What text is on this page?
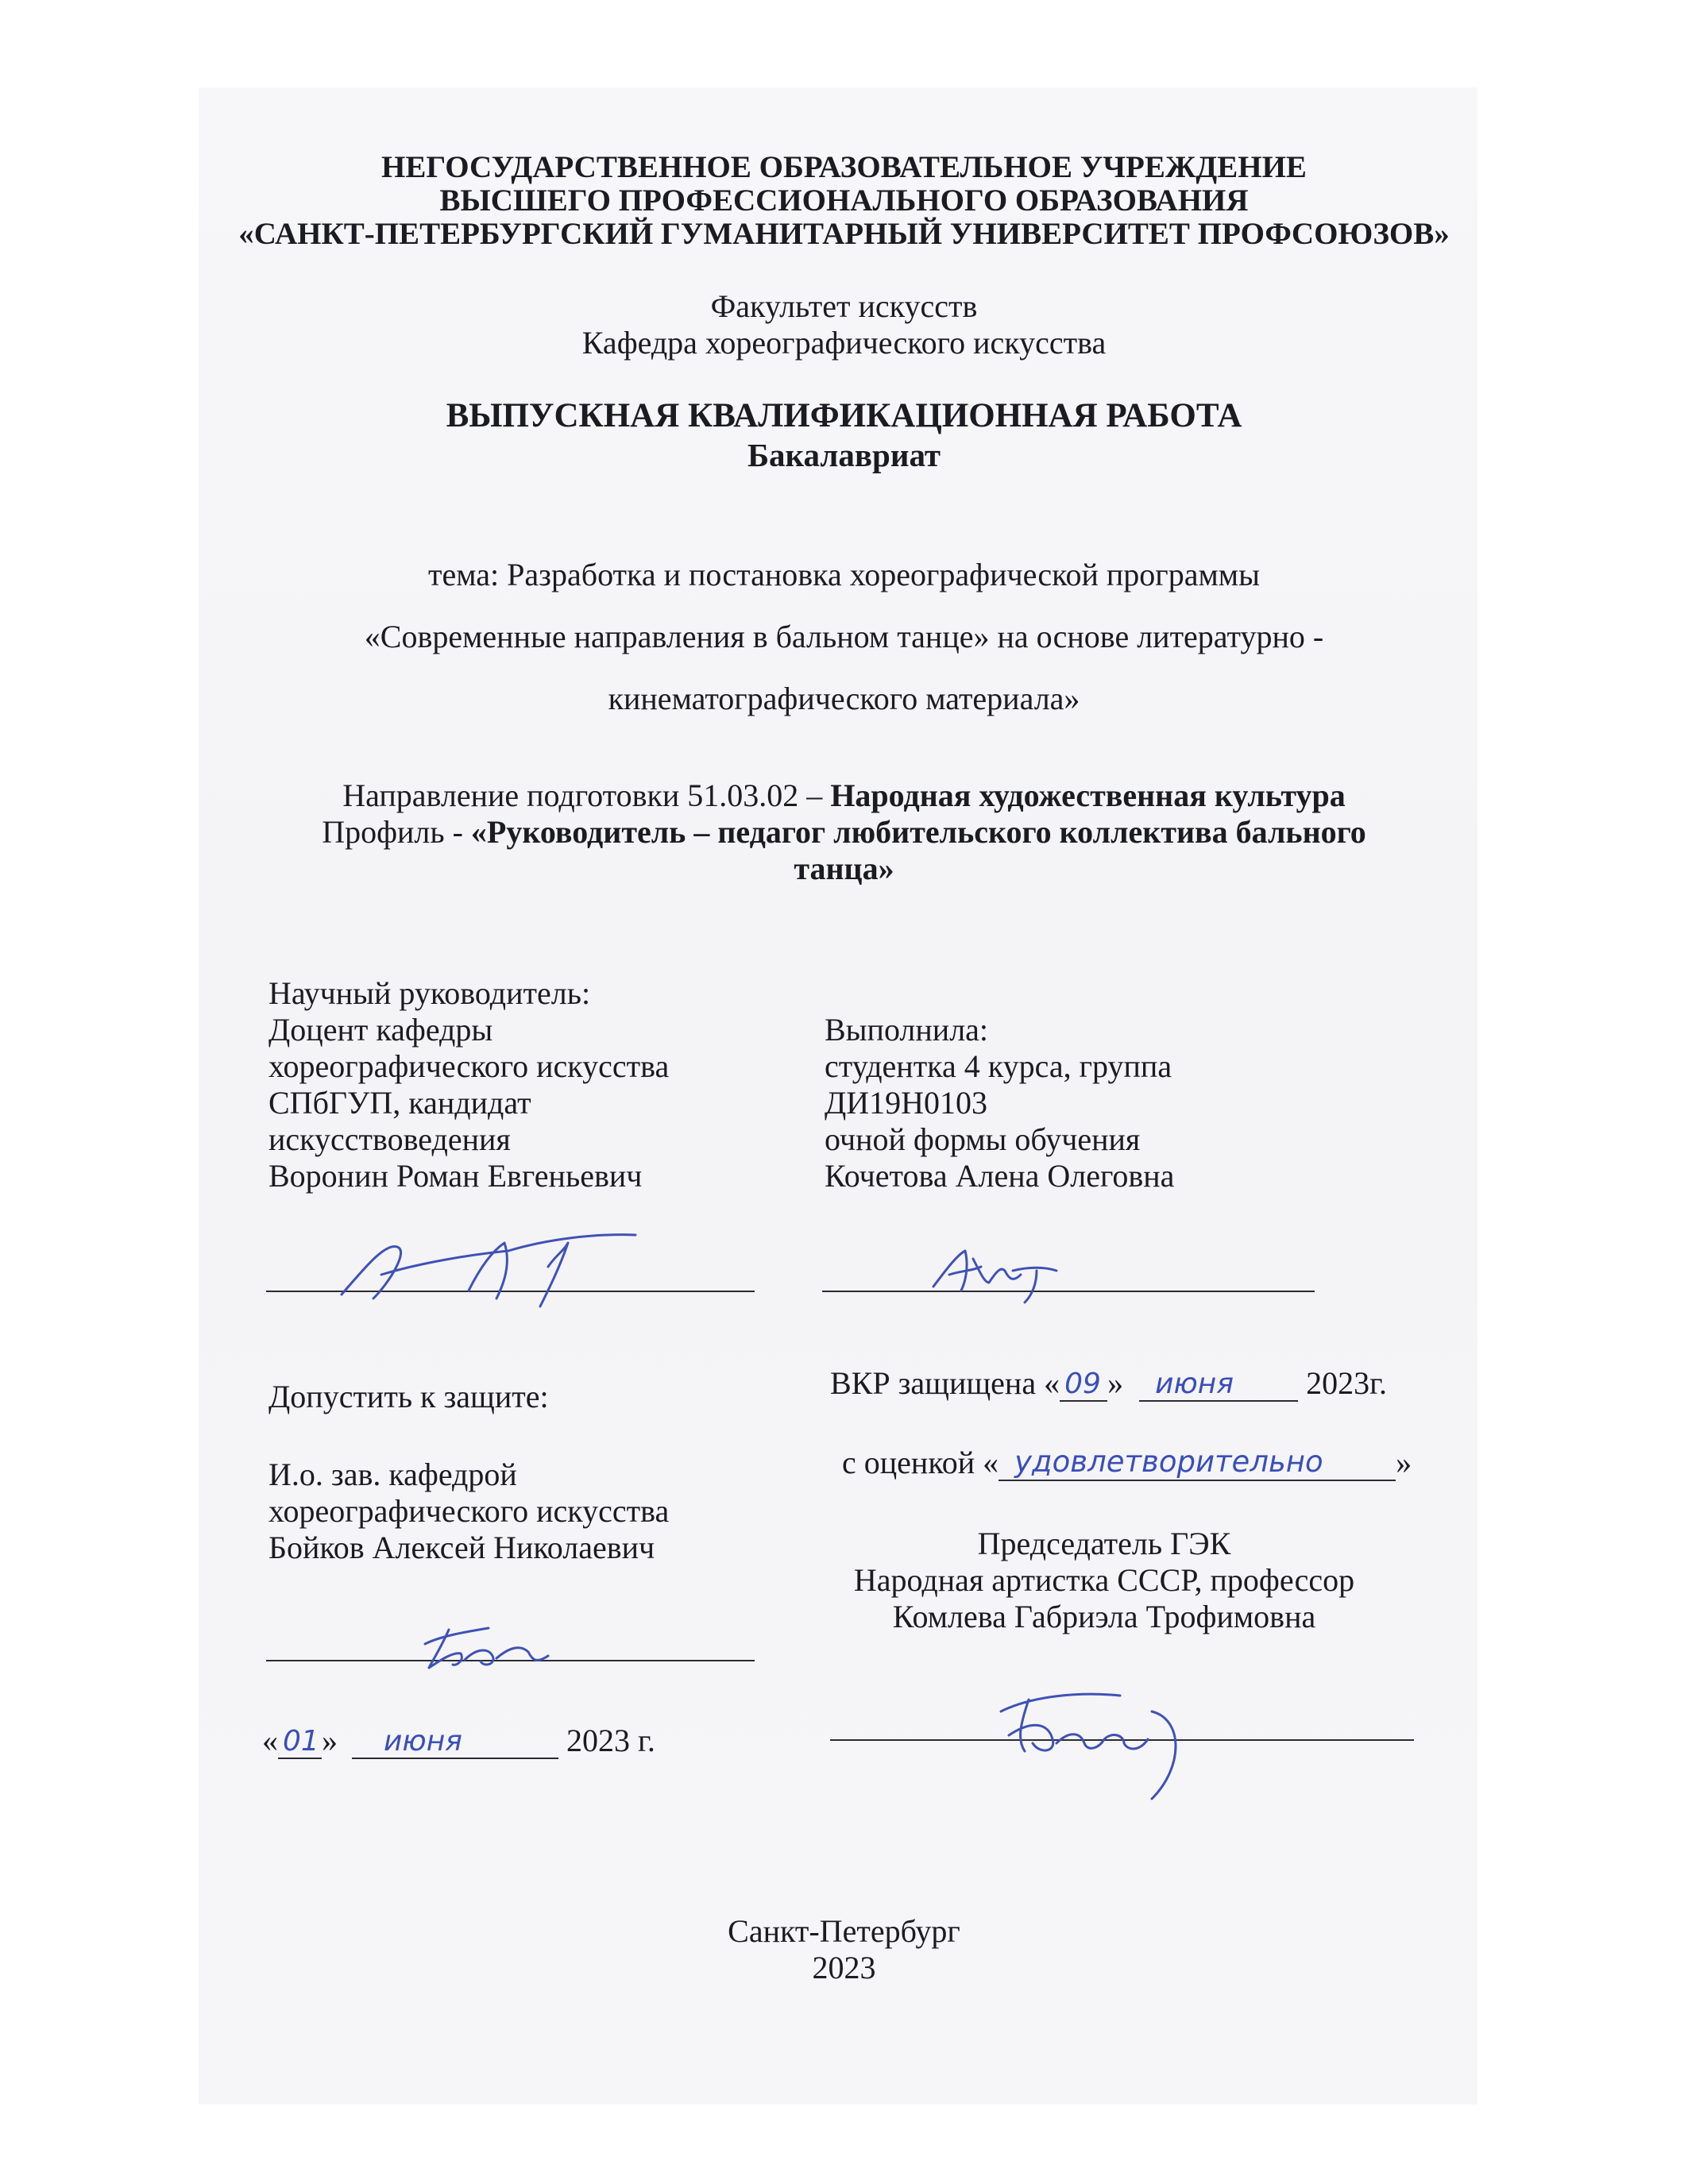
НЕГОСУДАРСТВЕННОЕ ОБРАЗОВАТЕЛЬНОЕ УЧРЕЖДЕНИЕ
ВЫСШЕГО ПРОФЕССИОНАЛЬНОГО ОБРАЗОВАНИЯ
«САНКТ-ПЕТЕРБУРГСКИЙ ГУМАНИТАРНЫЙ УНИВЕРСИТЕТ ПРОФСОЮЗОВ»
Факультет искусств
Кафедра хореографического искусства
ВЫПУСКНАЯ КВАЛИФИКАЦИОННАЯ РАБОТА
Бакалавриат
тема: Разработка и постановка хореографической программы
«Современные направления в бальном танце» на основе литературно -
кинематографического материала»
Направление подготовки 51.03.02 – Народная художественная культура
Профиль - «Руководитель – педагог любительского коллектива бального
танца»
Научный руководитель:
Доцент кафедры
хореографического искусства
СПбГУП, кандидат
искусствоведения
Воронин Роман Евгеньевич
Выполнила:
студентка 4 курса, группа
ДИ19Н0103
очной формы обучения
Кочетова Алена Олеговна
Допустить к защите:
И.о. зав. кафедрой
хореографического искусства
Бойков Алексей Николаевич
ВКР защищена « 09 » июня 2023г.
с оценкой « удовлетворительно »
Председатель ГЭК
Народная артистка СССР, профессор
Комлева Габриэла Трофимовна
« 01 » июня	2023 г.
Санкт-Петербург
2023
